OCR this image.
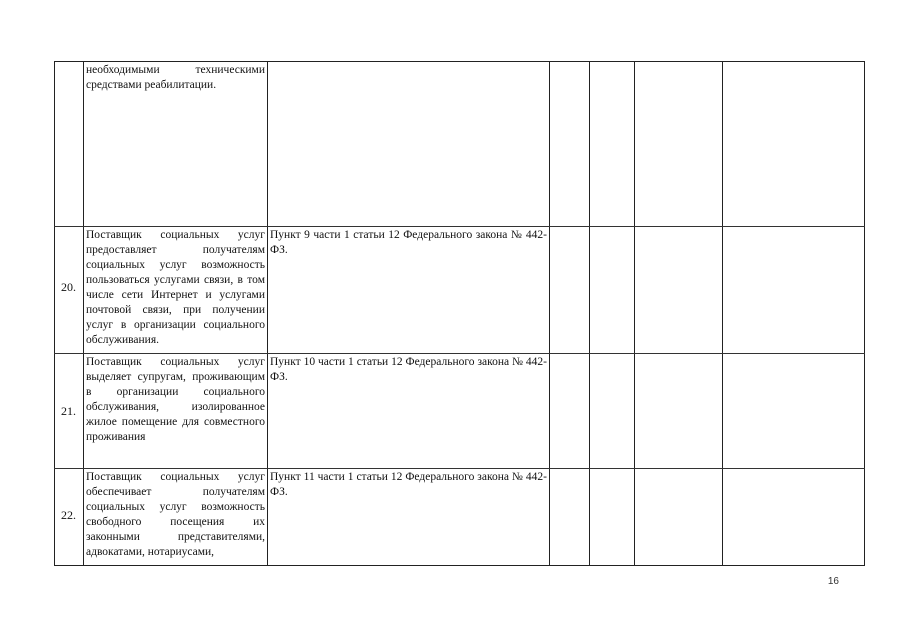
необходимыми техническими средствами реабилитации.
20.
Поставщик социальных услуг предоставляет получателям социальных услуг возможность пользоваться услугами связи, в том числе сети Интернет и услугами почтовой связи, при получении услуг в организации социального обслуживания.
Пункт 9 части 1 статьи 12 Федерального закона № 442-ФЗ.
21.
Поставщик социальных услуг выделяет супругам, проживающим в организации социального обслуживания, изолированное жилое помещение для совместного проживания
Пункт 10 части 1 статьи 12 Федерального закона № 442-ФЗ.
22.
Поставщик социальных услуг обеспечивает получателям социальных услуг возможность свободного посещения их законными представителями, адвокатами, нотариусами,
Пункт 11 части 1 статьи 12 Федерального закона № 442-ФЗ.
16
